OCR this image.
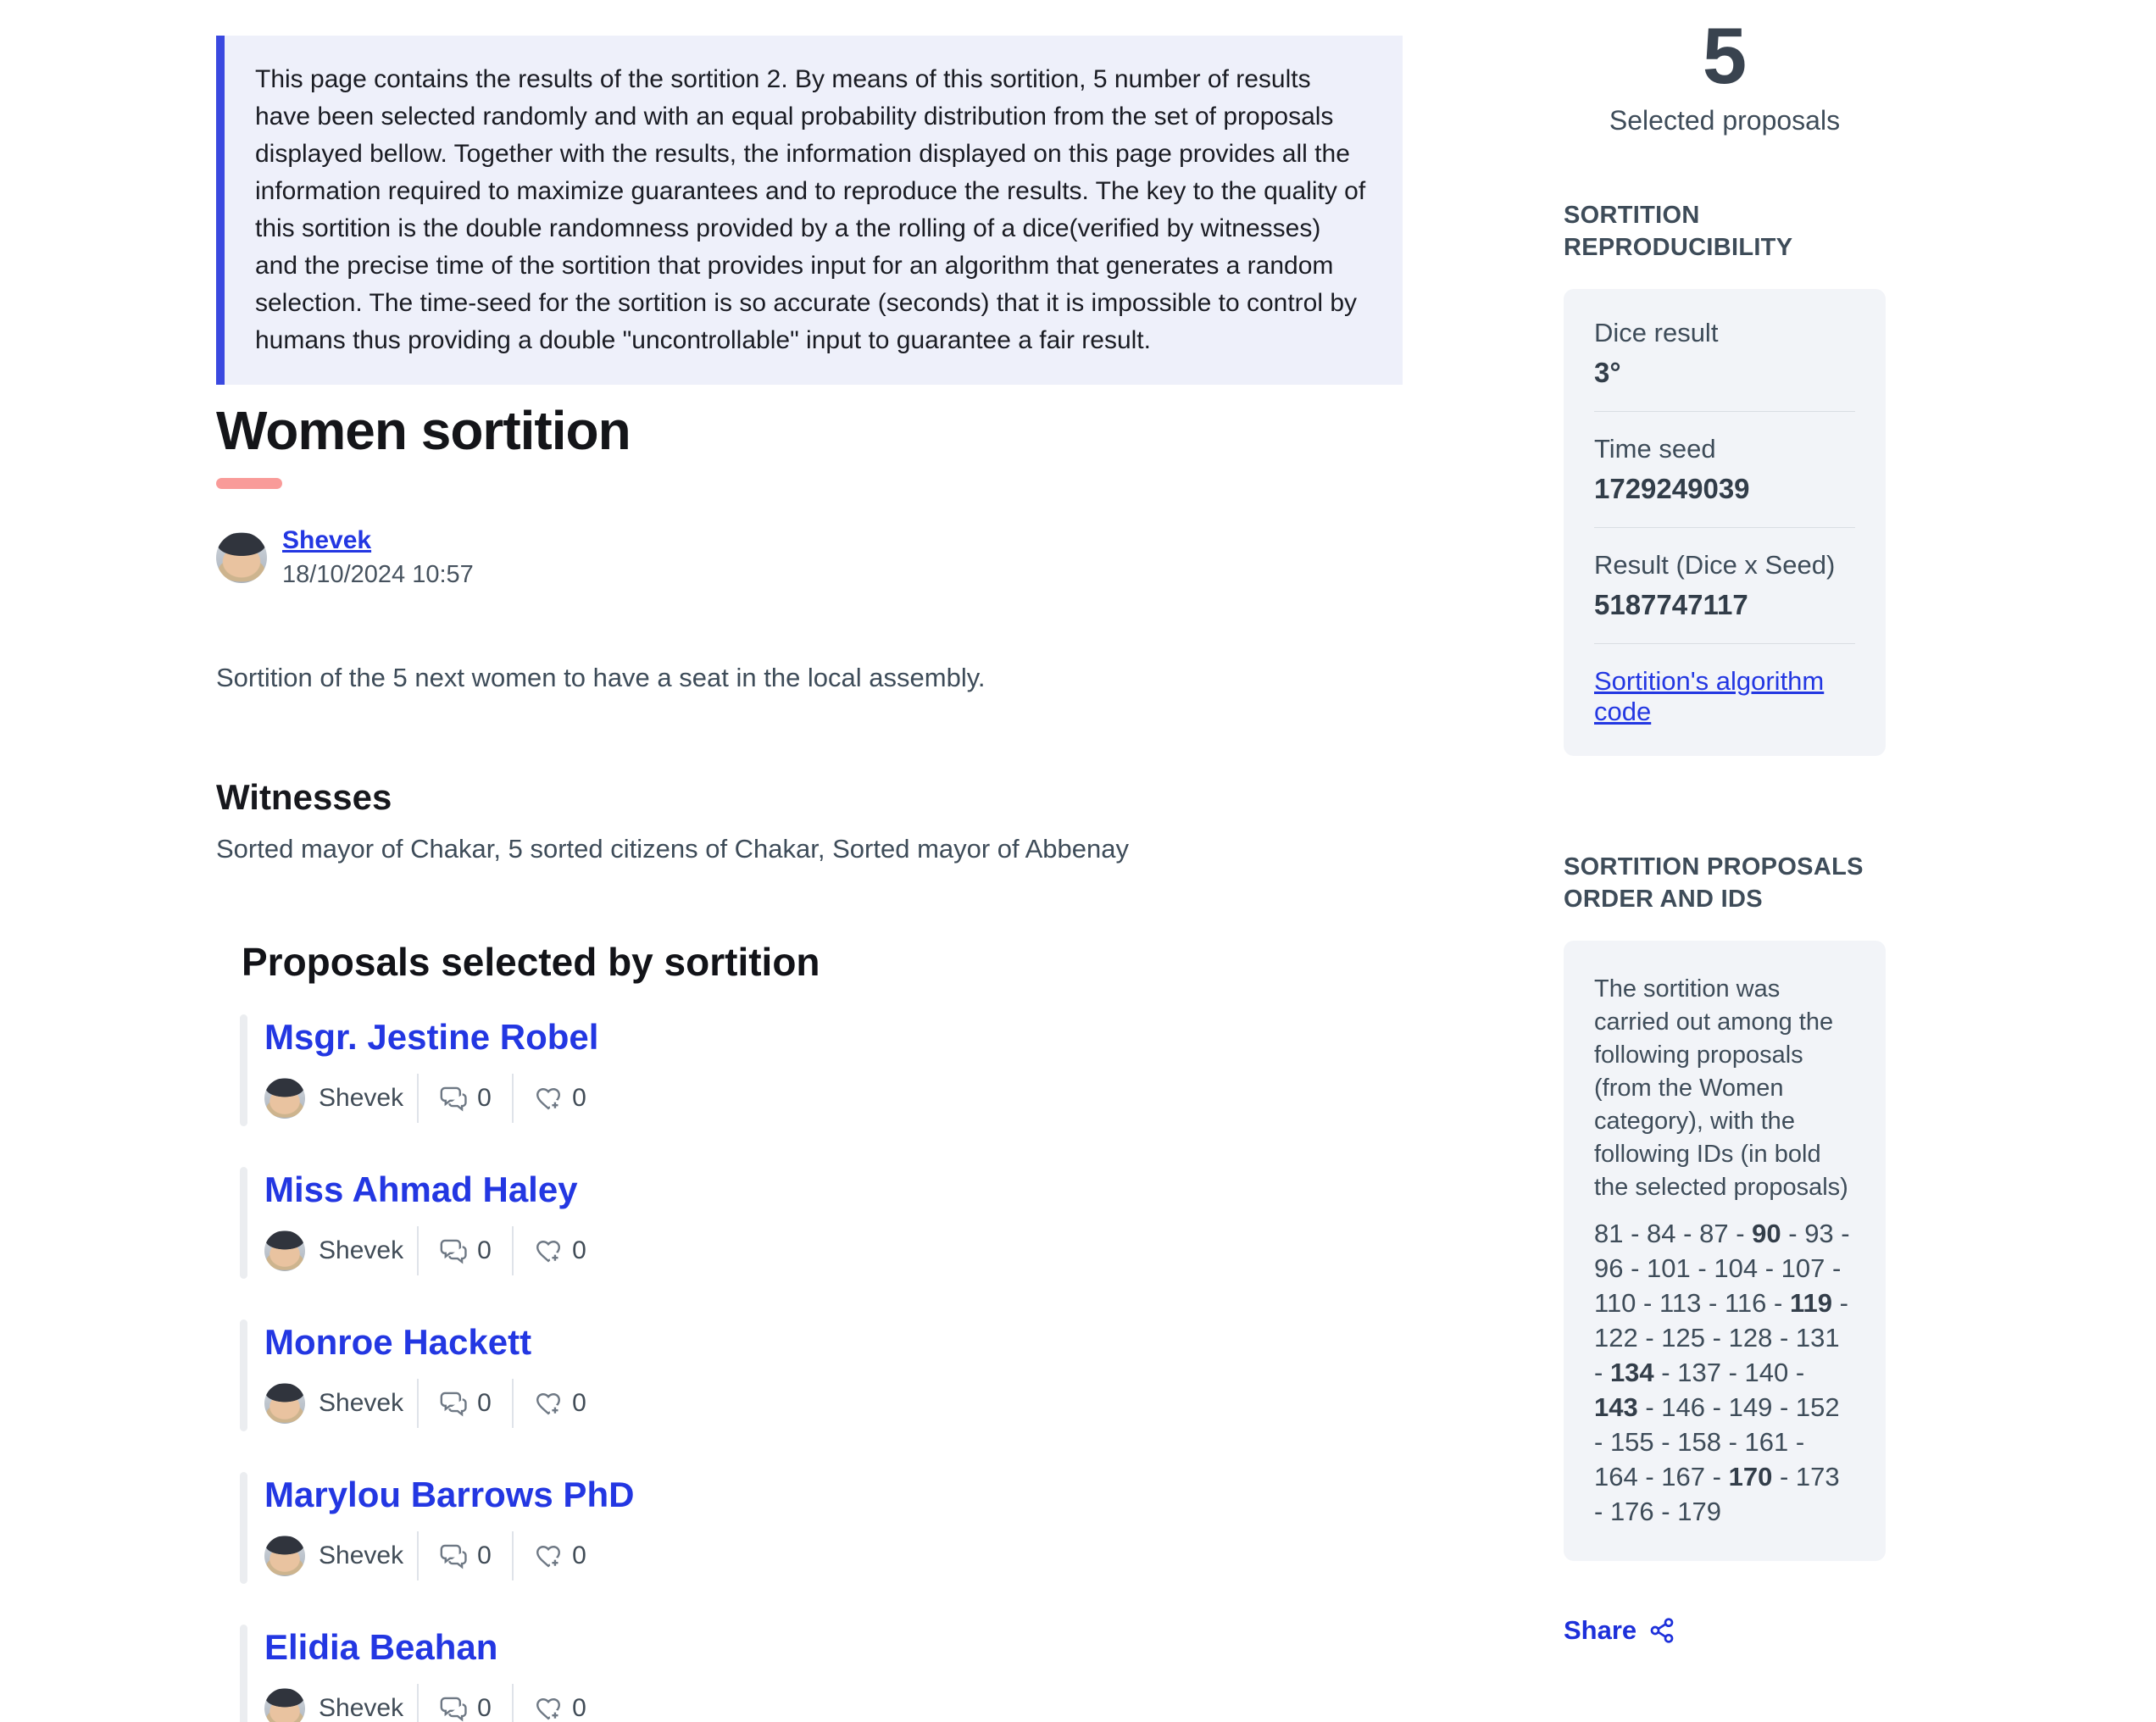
This page contains the results of the sortition 2. By means of this sortition, 5 number of results have been selected randomly and with an equal probability distribution from the set of proposals displayed bellow. Together with the results, the information displayed on this page provides all the information required to maximize guarantees and to reproduce the results. The key to the quality of this sortition is the double randomness provided by a the rolling of a dice(verified by witnesses) and the precise time of the sortition that provides input for an algorithm that generates a random selection. The time-seed for the sortition is so accurate (seconds) that it is impossible to control by humans thus providing a double "uncontrollable" input to guarantee a fair result.

Women sortition
Shevek
18/10/2024 10:57

Sortition of the 5 next women to have a seat in the local assembly.

Witnesses

Sorted mayor of Chakar, 5 sorted citizens of Chakar, Sorted mayor of Abbenay

Proposals selected by sortition
Msgr. Jestine Robel
Shevek	0	0
Miss Ahmad Haley
Shevek	0	0
Monroe Hackett
Shevek	0	0
Marylou Barrows PhD
Shevek	0	0
Elidia Beahan
Shevek	0	0
5
Selected proposals
SORTITION REPRODUCIBILITY
Dice result
3°
Time seed
1729249039
Result (Dice x Seed)
5187747117
Sortition's algorithm code
SORTITION PROPOSALS ORDER AND IDS

The sortition was carried out among the following proposals (from the Women category), with the following IDs (in bold the selected proposals)

81 - 84 - 87 - 90 - 93 - 96 - 101 - 104 - 107 - 110 - 113 - 116 - 119 - 122 - 125 - 128 - 131 - 134 - 137 - 140 - 143 - 146 - 149 - 152 - 155 - 158 - 161 - 164 - 167 - 170 - 173 - 176 - 179

Share
